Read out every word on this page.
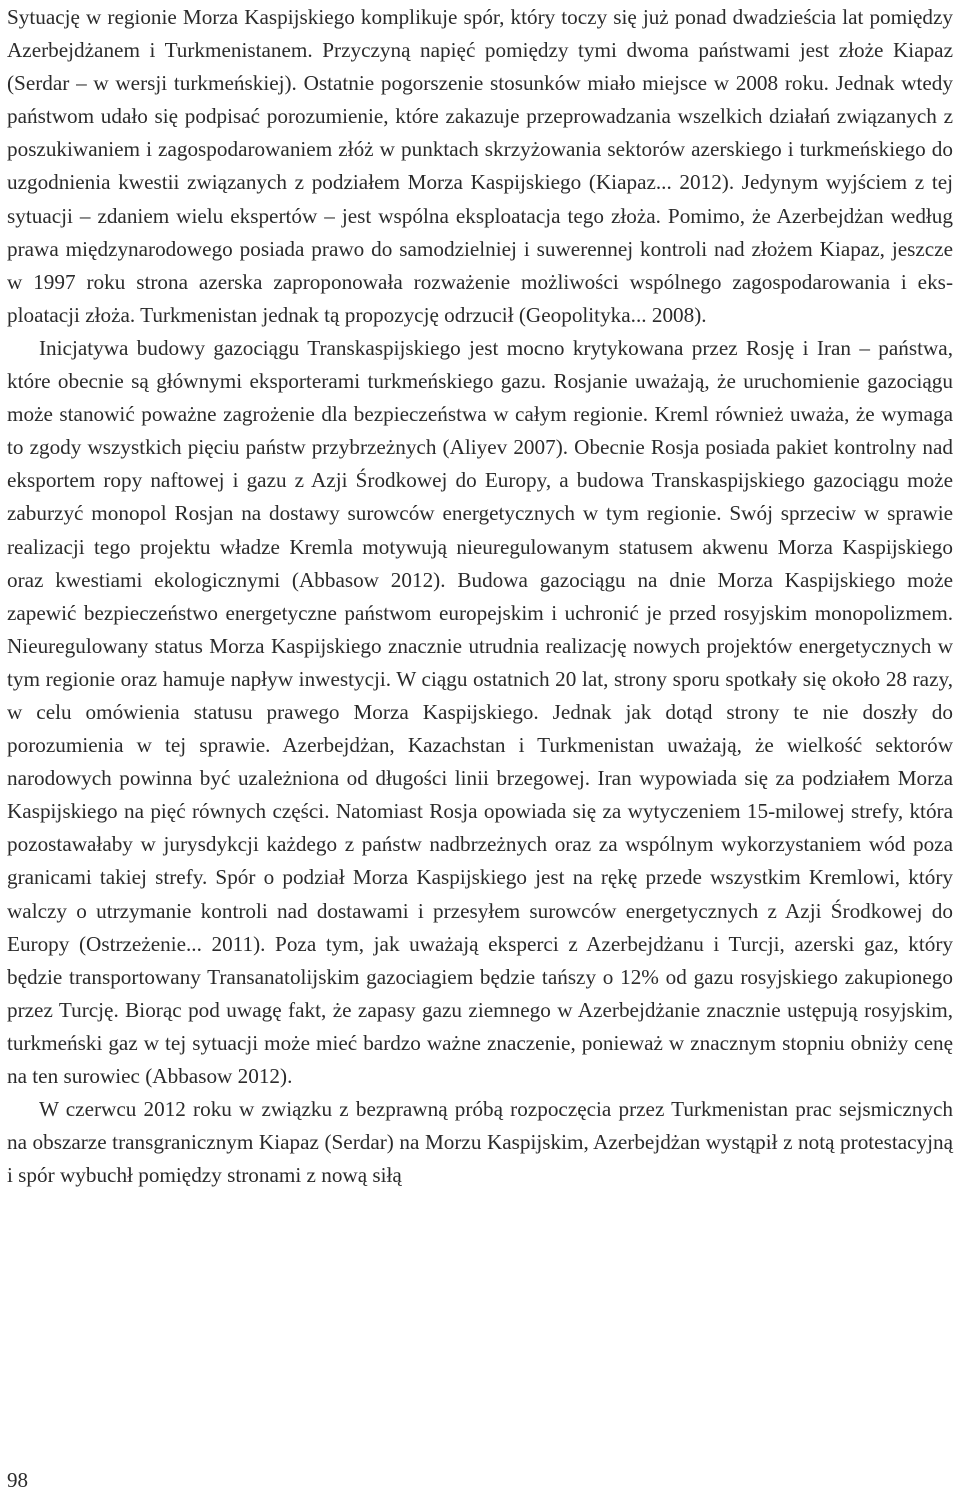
Sytuację w regionie Morza Kaspijskiego komplikuje spór, który toczy się już ponad dwadzieścia lat pomiędzy Azerbejdżanem i Turkmenistanem. Przyczyną napięć pomiędzy tymi dwoma państwami jest złoże Kiapaz (Serdar – w wersji turkmeńskiej). Ostatnie pogorszenie stosunków miało miejsce w 2008 roku. Jednak wtedy państwom udało się podpisać porozumienie, które zakazuje przeprowadzania wszelkich działań związanych z poszukiwaniem i zagospodarowaniem złóż w punktach skrzyżowania sektorów azerskiego i turkmeńskiego do uzgodnienia kwestii związanych z podziałem Morza Kaspijskiego (Kiapaz... 2012). Jedynym wyjściem z tej sytuacji – zdaniem wielu ekspertów – jest wspólna eksploatacja tego złoża. Pomimo, że Azerbejdżan według prawa międzynarodowego posiada prawo do samodzielniej i suwerennej kontroli nad złożem Kiapaz, jeszcze w 1997 roku strona azerska zaproponowała rozważenie możliwości wspólnego zagospodarowania i eksploatacji złoża. Turkmenistan jednak tą propozycję odrzucił (Geopolityka... 2008).

Inicjatywa budowy gazociągu Transkaspijskiego jest mocno krytykowana przez Rosję i Iran – państwa, które obecnie są głównymi eksporterami turkmeńskiego gazu. Rosjanie uważają, że uruchomienie gazociągu może stanowić poważne zagrożenie dla bezpieczeństwa w całym regionie. Kreml również uważa, że wymaga to zgody wszystkich pięciu państw przybrzeżnych (Aliyev 2007). Obecnie Rosja posiada pakiet kontrolny nad eksportem ropy naftowej i gazu z Azji Środkowej do Europy, a budowa Transkaspijskiego gazociągu może zaburzyć monopol Rosjan na dostawy surowców energetycznych w tym regionie. Swój sprzeciw w sprawie realizacji tego projektu władze Kremla motywują nieuregulowanym statusem akwenu Morza Kaspijskiego oraz kwestiami ekologicznymi (Abbasow 2012). Budowa gazociągu na dnie Morza Kaspijskiego może zapewić bezpieczeństwo energetyczne państwom europejskim i uchronić je przed rosyjskim monopolizmem. Nieuregulowany status Morza Kaspijskiego znacznie utrudnia realizację nowych projektów energetycznych w tym regionie oraz hamuje napływ inwestycji. W ciągu ostatnich 20 lat, strony sporu spotkały się około 28 razy, w celu omówienia statusu prawego Morza Kaspijskiego. Jednak jak dotąd strony te nie doszły do porozumienia w tej sprawie. Azerbejdżan, Kazachstan i Turkmenistan uważają, że wielkość sektorów narodowych powinna być uzależniona od długości linii brzegowej. Iran wypowiada się za podziałem Morza Kaspijskiego na pięć równych części. Natomiast Rosja opowiada się za wytyczeniem 15-milowej strefy, która pozostawałaby w jurysdykcji każdego z państw nadbrzeżnych oraz za wspólnym wykorzystaniem wód poza granicami takiej strefy. Spór o podział Morza Kaspijskiego jest na rękę przede wszystkim Kremlowi, który walczy o utrzymanie kontroli nad dostawami i przesyłem surowców energetycznych z Azji Środkowej do Europy (Ostrzeżenie... 2011). Poza tym, jak uważają eksperci z Azerbejdżanu i Turcji, azerski gaz, który będzie transportowany Transanatolijskim gazociagiem będzie tańszy o 12% od gazu rosyjskiego zakupionego przez Turcję. Biorąc pod uwagę fakt, że zapasy gazu ziemnego w Azerbejdżanie znacznie ustępują rosyjskim, turkmeński gaz w tej sytuacji może mieć bardzo ważne znaczenie, ponieważ w znacznym stopniu obniży cenę na ten surowiec (Abbasow 2012).

W czerwcu 2012 roku w związku z bezprawną próbą rozpoczęcia przez Turkmenistan prac sejsmicznych na obszarze transgranicznym Kiapaz (Serdar) na Morzu Kaspijskim, Azerbejdżan wystąpił z notą protestacyjną i spór wybuchł pomiędzy stronami z nową siłą

98
